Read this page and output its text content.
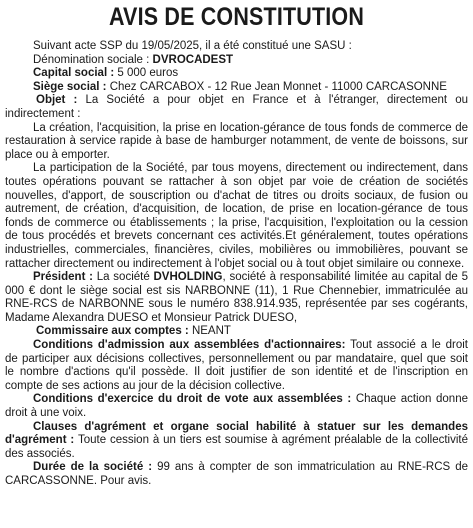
AVIS DE CONSTITUTION

Suivant acte SSP du 19/05/2025, il a été constitué une SASU :

Dénomination sociale : DVROCADEST

Capital social : 5 000 euros

Siège social : Chez CARCABOX - 12 Rue Jean Monnet - 11000 CARCASONNE

Objet : La Société a pour objet en France et à l'étranger, directement ou indirectement :

La création, l'acquisition, la prise en location-gérance de tous fonds de commerce de restauration à service rapide à base de hamburger notamment, de vente de boissons, sur place ou à emporter.

La participation de la Société, par tous moyens, directement ou indirectement, dans toutes opérations pouvant se rattacher à son objet par voie de création de sociétés nouvelles, d'apport, de souscription ou d'achat de titres ou droits sociaux, de fusion ou autrement, de création, d'acquisition, de location, de prise en location-gérance de tous fonds de commerce ou établissements ; la prise, l'acquisition, l'exploitation ou la cession de tous procédés et brevets concernant ces activités.Et généralement, toutes opérations industrielles, commerciales, financières, civiles, mobilières ou immobilières, pouvant se rattacher directement ou indirectement à l'objet social ou à tout objet similaire ou connexe.

Président : La société DVHOLDING, société à responsabilité limitée au capital de 5 000 € dont le siège social est sis NARBONNE (11), 1 Rue Chennebier, immatriculée au RNE-RCS de NARBONNE sous le numéro 838.914.935, représentée par ses cogérants, Madame Alexandra DUESO et Monsieur Patrick DUESO,

Commissaire aux comptes : NEANT

Conditions d'admission aux assemblées d'actionnaires: Tout associé a le droit de participer aux décisions collectives, personnellement ou par mandataire, quel que soit le nombre d'actions qu'il possède. Il doit justifier de son identité et de l'inscription en compte de ses actions au jour de la décision collective.

Conditions d'exercice du droit de vote aux assemblées : Chaque action donne droit à une voix.

Clauses d'agrément et organe social habilité à statuer sur les demandes d'agrément : Toute cession à un tiers est soumise à agrément préalable de la collectivité des associés.

Durée de la société : 99 ans à compter de son immatriculation au RNE-RCS de CARCASSONNE. Pour avis.
